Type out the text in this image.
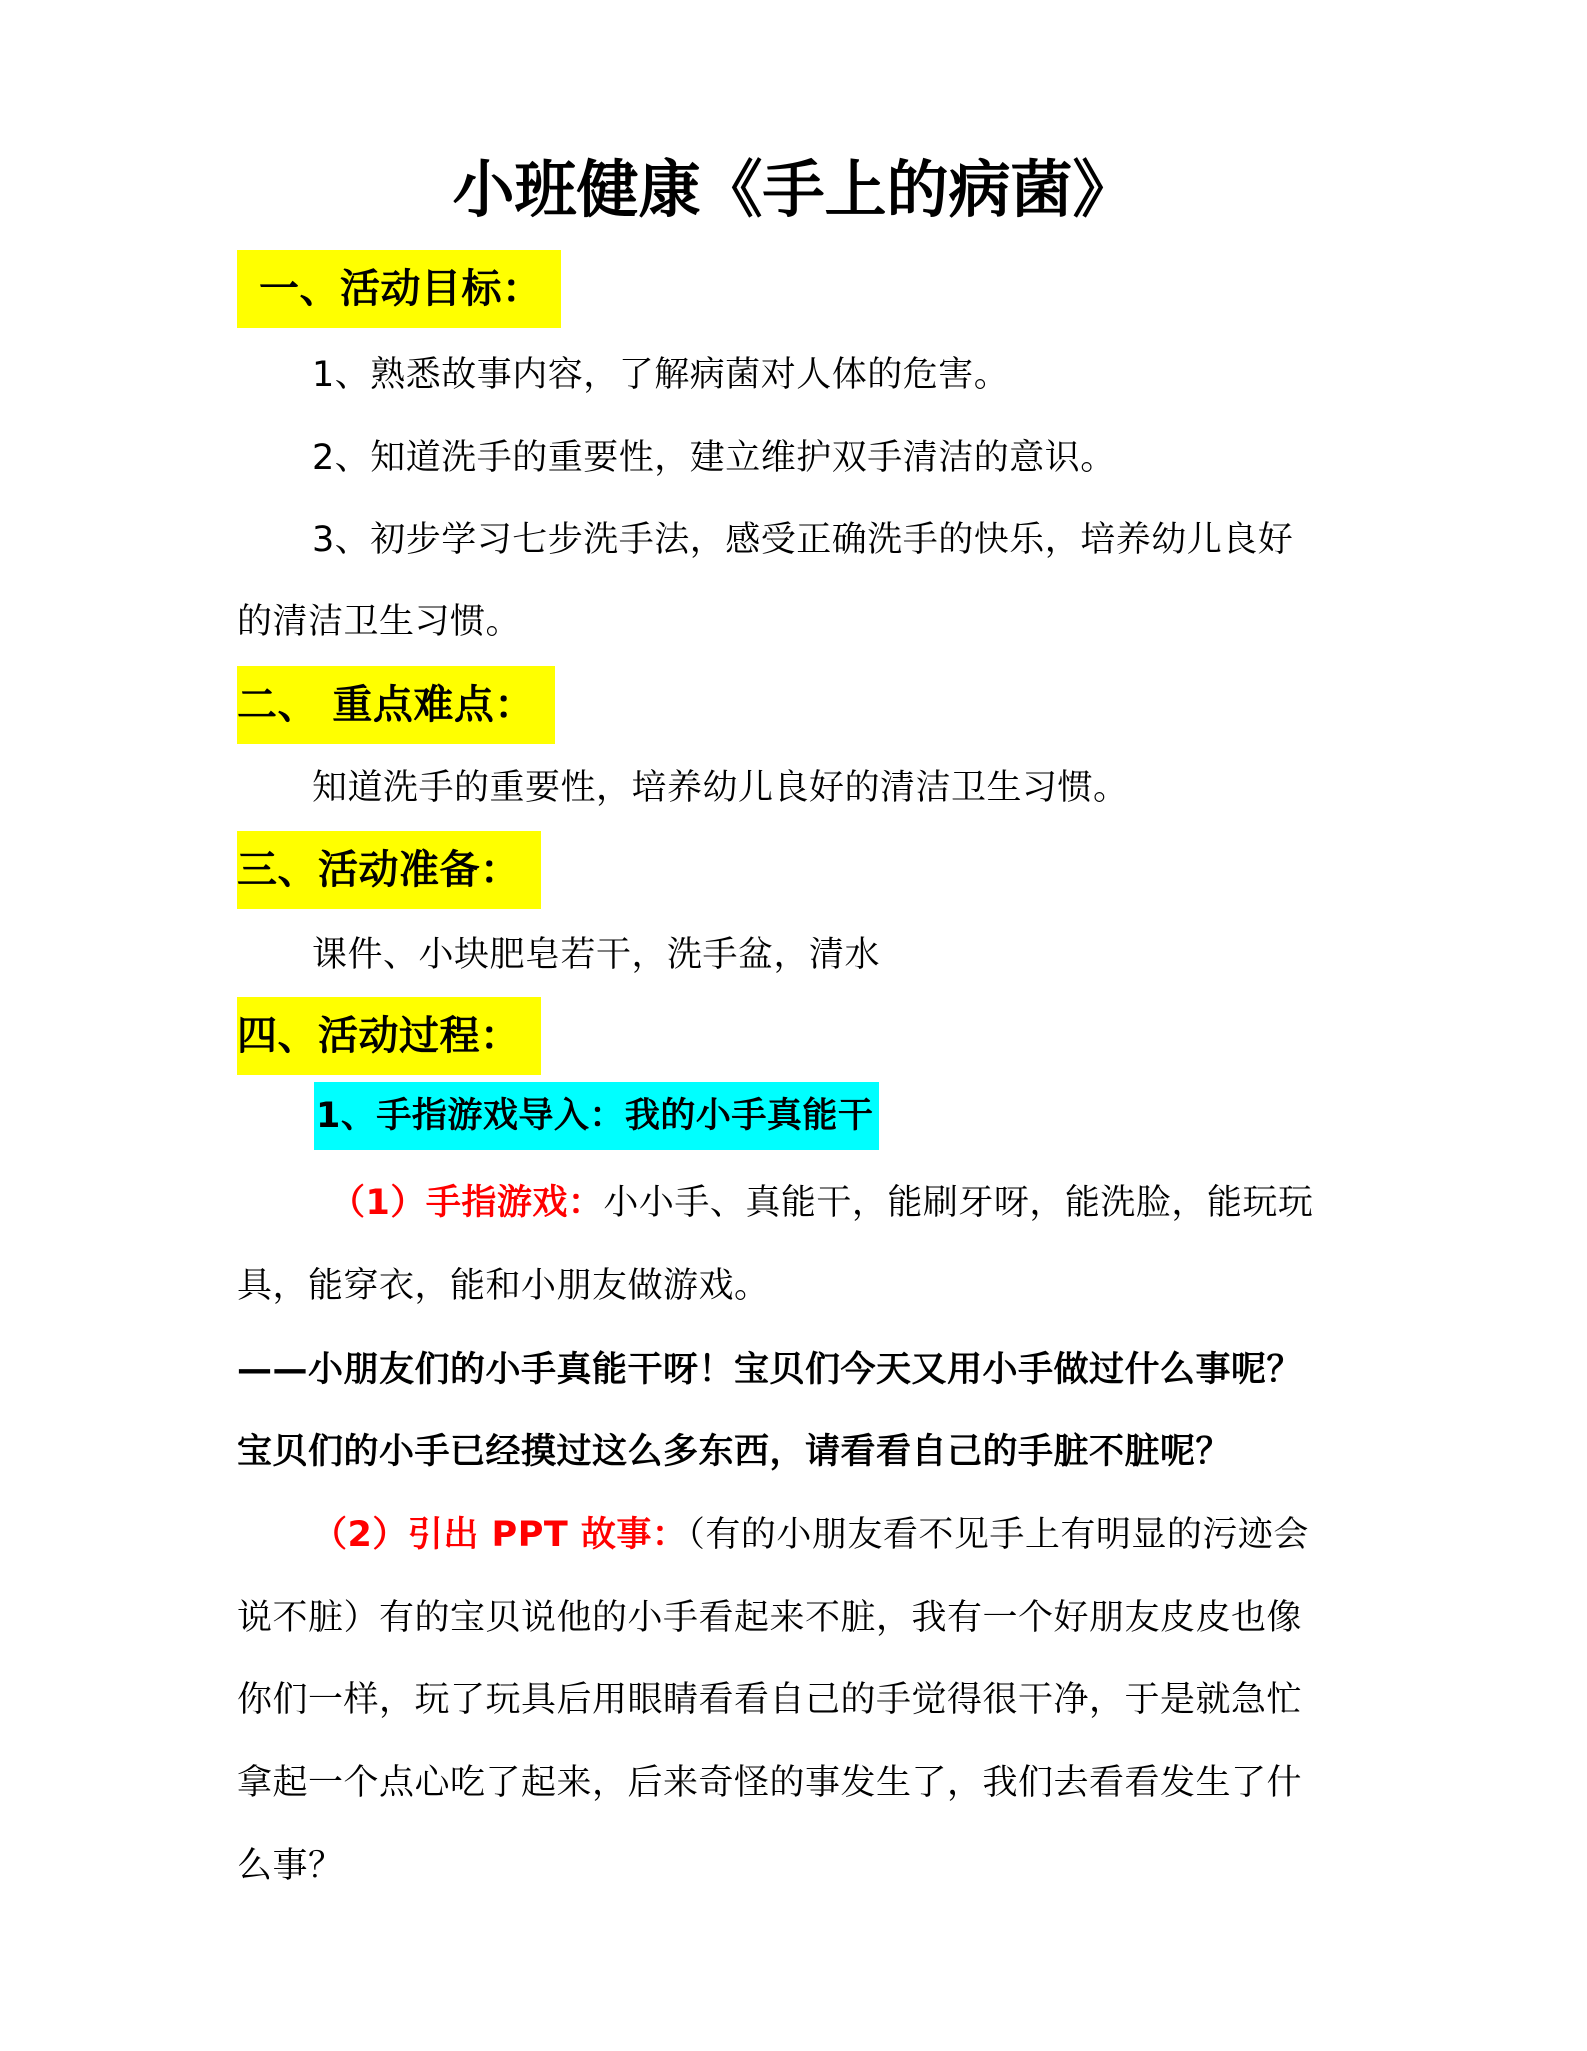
小班健康《手上的病菌》
一、活动目标：
1、熟悉故事内容，了解病菌对人体的危害。
2、知道洗手的重要性，建立维护双手清洁的意识。
3、初步学习七步洗手法，感受正确洗手的快乐，培养幼儿良好
的清洁卫生习惯。
二、 重点难点：
知道洗手的重要性，培养幼儿良好的清洁卫生习惯。
三、活动准备：
课件、小块肥皂若干，洗手盆，清水
四、活动过程：
1、手指游戏导入：我的小手真能干
（1）手指游戏：小小手、真能干，能刷牙呀，能洗脸，能玩玩
具，能穿衣，能和小朋友做游戏。
——小朋友们的小手真能干呀！宝贝们今天又用小手做过什么事呢？
宝贝们的小手已经摸过这么多东西，请看看自己的手脏不脏呢？
（2）引出 PPT 故事：（有的小朋友看不见手上有明显的污迹会
说不脏）有的宝贝说他的小手看起来不脏，我有一个好朋友皮皮也像
你们一样，玩了玩具后用眼睛看看自己的手觉得很干净，于是就急忙
拿起一个点心吃了起来，后来奇怪的事发生了，我们去看看发生了什
么事？
